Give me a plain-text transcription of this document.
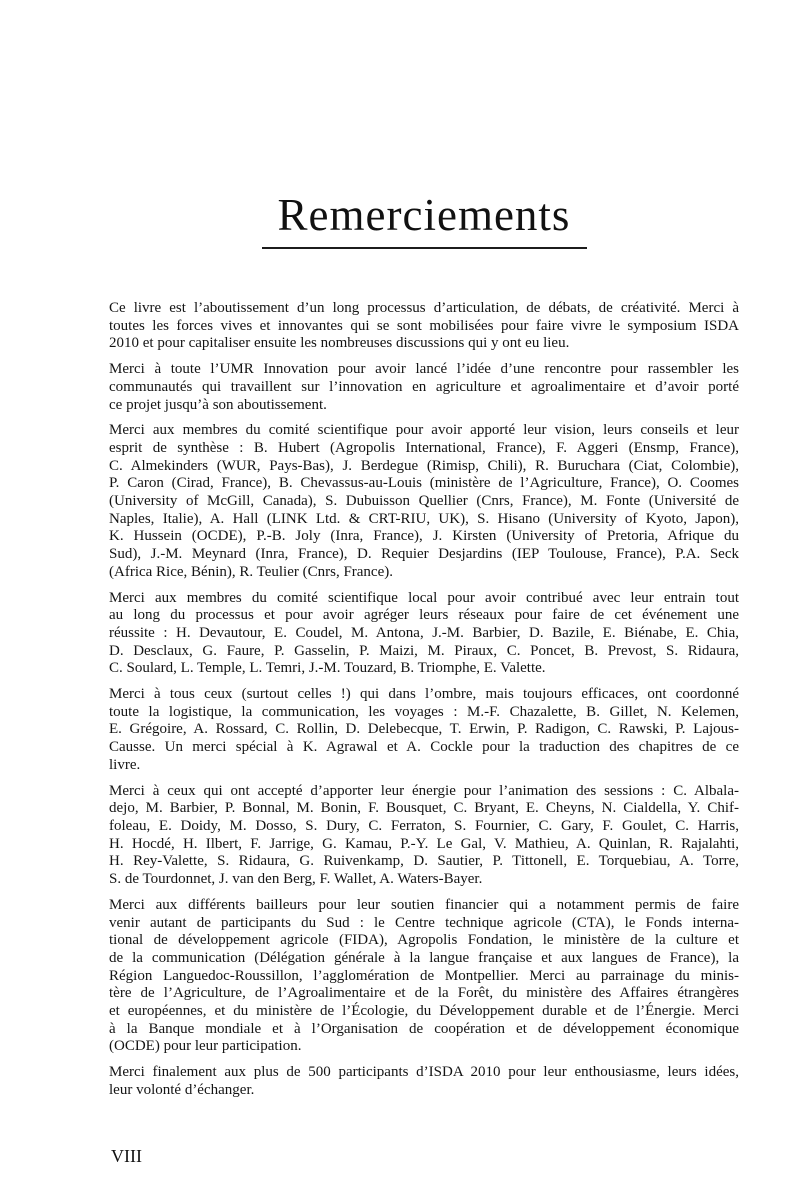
Remerciements
Ce livre est l’aboutissement d’un long processus d’articulation, de débats, de créativité. Merci à
toutes les forces vives et innovantes qui se sont mobilisées pour faire vivre le symposium ISDA
2010 et pour capitaliser ensuite les nombreuses discussions qui y ont eu lieu.
Merci à toute l’UMR Innovation pour avoir lancé l’idée d’une rencontre pour rassembler les
communautés qui travaillent sur l’innovation en agriculture et agroalimentaire et d’avoir porté
ce projet jusqu’à son aboutissement.
Merci aux membres du comité scientifique pour avoir apporté leur vision, leurs conseils et leur
esprit de synthèse : B. Hubert (Agropolis International, France), F. Aggeri (Ensmp, France),
C. Almekinders (WUR, Pays-Bas), J. Berdegue (Rimisp, Chili), R. Buruchara (Ciat, Colombie),
P. Caron (Cirad, France), B. Chevassus-au-Louis (ministère de l’Agriculture, France), O. Coomes
(University of McGill, Canada), S. Dubuisson Quellier (Cnrs, France), M. Fonte (Université de
Naples, Italie), A. Hall (LINK Ltd. & CRT-RIU, UK), S. Hisano (University of Kyoto, Japon),
K. Hussein (OCDE), P.-B. Joly (Inra, France), J. Kirsten (University of Pretoria, Afrique du
Sud), J.-M. Meynard (Inra, France), D. Requier Desjardins (IEP Toulouse, France), P.A. Seck
(Africa Rice, Bénin), R. Teulier (Cnrs, France).
Merci aux membres du comité scientifique local pour avoir contribué avec leur entrain tout
au long du processus et pour avoir agréger leurs réseaux pour faire de cet événement une
réussite : H. Devautour, E. Coudel, M. Antona, J.-M. Barbier, D. Bazile, E. Biénabe, E. Chia,
D. Desclaux, G. Faure, P. Gasselin, P. Maizi, M. Piraux, C. Poncet, B. Prevost, S. Ridaura,
C. Soulard, L. Temple, L. Temri, J.-M. Touzard, B. Triomphe, E. Valette.
Merci à tous ceux (surtout celles !) qui dans l’ombre, mais toujours efficaces, ont coordonné
toute la logistique, la communication, les voyages : M.-F. Chazalette, B. Gillet, N. Kelemen,
E. Grégoire, A. Rossard, C. Rollin, D. Delebecque, T. Erwin, P. Radigon, C. Rawski, P. Lajous-
Causse. Un merci spécial à K. Agrawal et A. Cockle pour la traduction des chapitres de ce
livre.
Merci à ceux qui ont accepté d’apporter leur énergie pour l’animation des sessions : C. Albala-
dejo, M. Barbier, P. Bonnal, M. Bonin, F. Bousquet, C. Bryant, E. Cheyns, N. Cialdella, Y. Chif-
foleau, E. Doidy, M. Dosso, S. Dury, C. Ferraton, S. Fournier, C. Gary, F. Goulet, C. Harris,
H. Hocdé, H. Ilbert, F. Jarrige, G. Kamau, P.-Y. Le Gal, V. Mathieu, A. Quinlan, R. Rajalahti,
H. Rey-Valette, S. Ridaura, G. Ruivenkamp, D. Sautier, P. Tittonell, E. Torquebiau, A. Torre,
S. de Tourdonnet, J. van den Berg, F. Wallet, A. Waters-Bayer.
Merci aux différents bailleurs pour leur soutien financier qui a notamment permis de faire
venir autant de participants du Sud : le Centre technique agricole (CTA), le Fonds interna-
tional de développement agricole (FIDA), Agropolis Fondation, le ministère de la culture et
de la communication (Délégation générale à la langue française et aux langues de France), la
Région Languedoc-Roussillon, l’agglomération de Montpellier. Merci au parrainage du minis-
tère de l’Agriculture, de l’Agroalimentaire et de la Forêt, du ministère des Affaires étrangères
et européennes, et du ministère de l’Écologie, du Développement durable et de l’Énergie. Merci
à la Banque mondiale et à l’Organisation de coopération et de développement économique
(OCDE) pour leur participation.
Merci finalement aux plus de 500 participants d’ISDA 2010 pour leur enthousiasme, leurs idées,
leur volonté d’échanger.
VIII
